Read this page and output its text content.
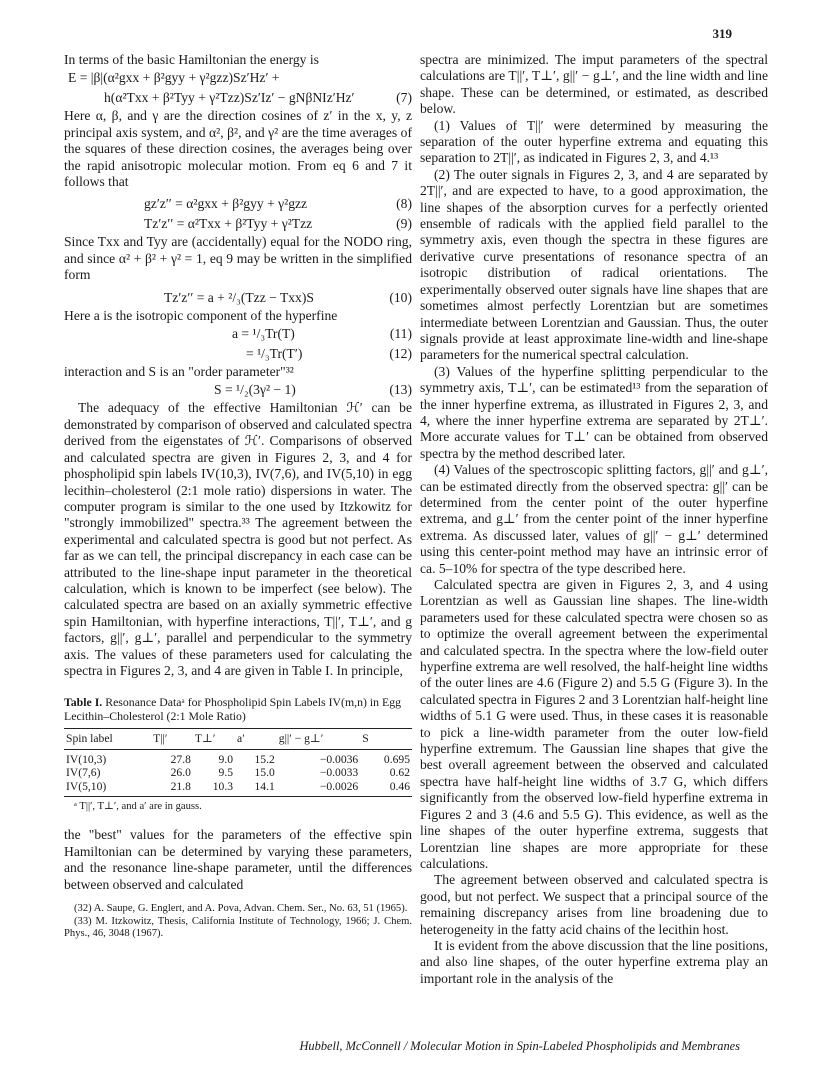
319

In terms of the basic Hamiltonian the energy is

E = |β|(α²gxx + β²gyy + γ²gzz)Sz′Hz′ +
h(α²Txx + β²Tyy + γ²Tzz)Sz′Iz′ − gNβNIz′Hz′	(7)

Here α, β, and γ are the direction cosines of z′ in the x, y, z principal axis system, and α², β², and γ² are the time averages of the squares of these direction cosines, the averages being over the rapid anisotropic molecular motion. From eq 6 and 7 it follows that

gz′z′′ = α²gxx + β²gyy + γ²gzz	(8)
Tz′z′′ = α²Txx + β²Tyy + γ²Tzz	(9)

Since Txx and Tyy are (accidentally) equal for the NODO ring, and since α² + β² + γ² = 1, eq 9 may be written in the simplified form

Tz′z′′ = a + ²/₃(Tzz − Txx)S	(10)

Here a is the isotropic component of the hyperfine

a = ¹/₃Tr(T)	(11)
= ¹/₃Tr(T′)	(12)

interaction and S is an "order parameter"³²

S = ¹/₂(3γ² − 1)	(13)

The adequacy of the effective Hamiltonian ℋ′ can be demonstrated by comparison of observed and calculated spectra derived from the eigenstates of ℋ′. Comparisons of observed and calculated spectra are given in Figures 2, 3, and 4 for phospholipid spin labels IV(10,3), IV(7,6), and IV(5,10) in egg lecithin–cholesterol (2:1 mole ratio) dispersions in water. The computer program is similar to the one used by Itzkowitz for "strongly immobilized" spectra.³³ The agreement between the experimental and calculated spectra is good but not perfect. As far as we can tell, the principal discrepancy in each case can be attributed to the line-shape input parameter in the theoretical calculation, which is known to be imperfect (see below). The calculated spectra are based on an axially symmetric effective spin Hamiltonian, with hyperfine interactions, T||′, T⊥′, and g factors, g||′, g⊥′, parallel and perpendicular to the symmetry axis. The values of these parameters used for calculating the spectra in Figures 2, 3, and 4 are given in Table I. In principle,

Table I. Resonance Dataᵃ for Phospholipid Spin Labels IV(m,n) in Egg Lecithin–Cholesterol (2:1 Mole Ratio)
Spin label	T||′	T⊥′	a′	g||′ − g⊥′	S
IV(10,3)	27.8	9.0	15.2	−0.0036	0.695
IV(7,6)	26.0	9.5	15.0	−0.0033	0.62
IV(5,10)	21.8	10.3	14.1	−0.0026	0.46
ᵃ T||′, T⊥′, and a′ are in gauss.

the "best" values for the parameters of the effective spin Hamiltonian can be determined by varying these parameters, and the resonance line-shape parameter, until the differences between observed and calculated

(32) A. Saupe, G. Englert, and A. Pova, Advan. Chem. Ser., No. 63, 51 (1965).

(33) M. Itzkowitz, Thesis, California Institute of Technology, 1966; J. Chem. Phys., 46, 3048 (1967).

spectra are minimized. The imput parameters of the spectral calculations are T||′, T⊥′, g||′ − g⊥′, and the line width and line shape. These can be determined, or estimated, as described below.

(1) Values of T||′ were determined by measuring the separation of the outer hyperfine extrema and equating this separation to 2T||′, as indicated in Figures 2, 3, and 4.¹³

(2) The outer signals in Figures 2, 3, and 4 are separated by 2T||′, and are expected to have, to a good approximation, the line shapes of the absorption curves for a perfectly oriented ensemble of radicals with the applied field parallel to the symmetry axis, even though the spectra in these figures are derivative curve presentations of resonance spectra of an isotropic distribution of radical orientations. The experimentally observed outer signals have line shapes that are sometimes almost perfectly Lorentzian but are sometimes intermediate between Lorentzian and Gaussian. Thus, the outer signals provide at least approximate line-width and line-shape parameters for the numerical spectral calculation.

(3) Values of the hyperfine splitting perpendicular to the symmetry axis, T⊥′, can be estimated¹³ from the separation of the inner hyperfine extrema, as illustrated in Figures 2, 3, and 4, where the inner hyperfine extrema are separated by 2T⊥′. More accurate values for T⊥′ can be obtained from observed spectra by the method described later.

(4) Values of the spectroscopic splitting factors, g||′ and g⊥′, can be estimated directly from the observed spectra: g||′ can be determined from the center point of the outer hyperfine extrema, and g⊥′ from the center point of the inner hyperfine extrema. As discussed later, values of g||′ − g⊥′ determined using this center-point method may have an intrinsic error of ca. 5–10% for spectra of the type described here.

Calculated spectra are given in Figures 2, 3, and 4 using Lorentzian as well as Gaussian line shapes. The line-width parameters used for these calculated spectra were chosen so as to optimize the overall agreement between the experimental and calculated spectra. In the spectra where the low-field outer hyperfine extrema are well resolved, the half-height line widths of the outer lines are 4.6 (Figure 2) and 5.5 G (Figure 3). In the calculated spectra in Figures 2 and 3 Lorentzian half-height line widths of 5.1 G were used. Thus, in these cases it is reasonable to pick a line-width parameter from the outer low-field hyperfine extremum. The Gaussian line shapes that give the best overall agreement between the observed and calculated spectra have half-height line widths of 3.7 G, which differs significantly from the observed low-field hyperfine extrema in Figures 2 and 3 (4.6 and 5.5 G). This evidence, as well as the line shapes of the outer hyperfine extrema, suggests that Lorentzian line shapes are more appropriate for these calculations.

The agreement between observed and calculated spectra is good, but not perfect. We suspect that a principal source of the remaining discrepancy arises from line broadening due to heterogeneity in the fatty acid chains of the lecithin host.

It is evident from the above discussion that the line positions, and also line shapes, of the outer hyperfine extrema play an important role in the analysis of the

Hubbell, McConnell / Molecular Motion in Spin-Labeled Phospholipids and Membranes
